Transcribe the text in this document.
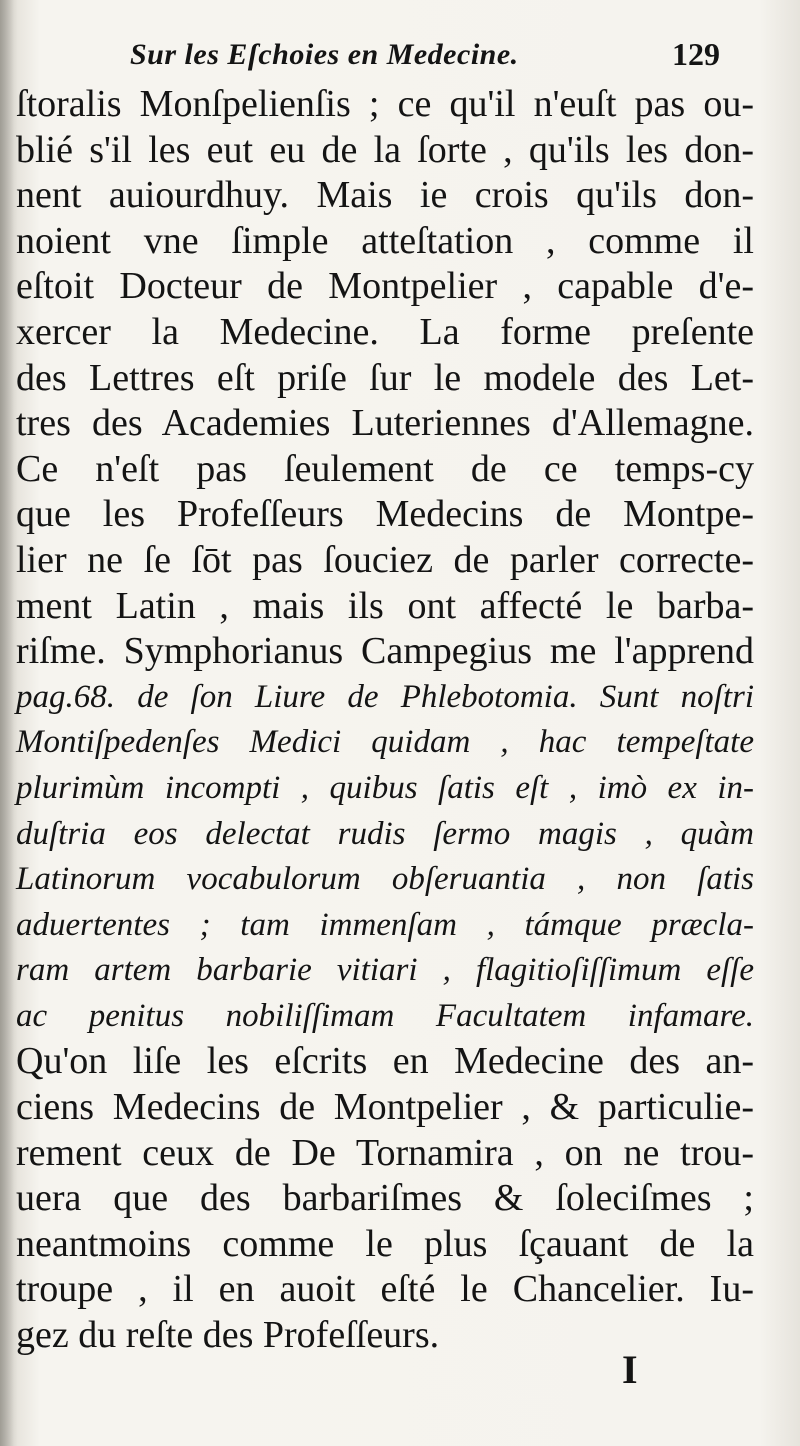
Sur les Eſchoies en Medecine.	129
ſtoralis Monſpelienſis ; ce qu'il n'euſt pas ou-
blié s'il les eut eu de la ſorte , qu'ils les don-
nent auiourdhuy. Mais ie crois qu'ils don-
noient vne ſimple atteſtation , comme il
eſtoit Docteur de Montpelier , capable d'e-
xercer la Medecine. La forme preſente
des Lettres eſt priſe ſur le modele des Let-
tres des Academies Luteriennes d'Allemagne.
Ce n'eſt pas ſeulement de ce temps-cy
que les Profeſſeurs Medecins de Montpe-
lier ne ſe ſōt pas ſouciez de parler correcte-
ment Latin , mais ils ont affecté le barba-
riſme. Symphorianus Campegius me l'apprend
pag.68. de ſon Liure de Phlebotomia. Sunt noſtri
Montiſpedenſes Medici quidam , hac tempeſtate
plurimùm incompti , quibus ſatis eſt , imò ex in-
duſtria eos delectat rudis ſermo magis , quàm
Latinorum vocabulorum obſeruantia , non ſatis
aduertentes ; tam immenſam , támque præcla-
ram artem barbarie vitiari , flagitioſiſſimum eſſe
ac penitus nobiliſſimam Facultatem infamare.
Qu'on liſe les eſcrits en Medecine des an-
ciens Medecins de Montpelier , & particulie-
rement ceux de De Tornamira , on ne trou-
uera que des barbariſmes & ſoleciſmes ;
neantmoins comme le plus ſçauant de la
troupe , il en auoit eſté le Chancelier. Iu-
gez du reſte des Profeſſeurs.
I
